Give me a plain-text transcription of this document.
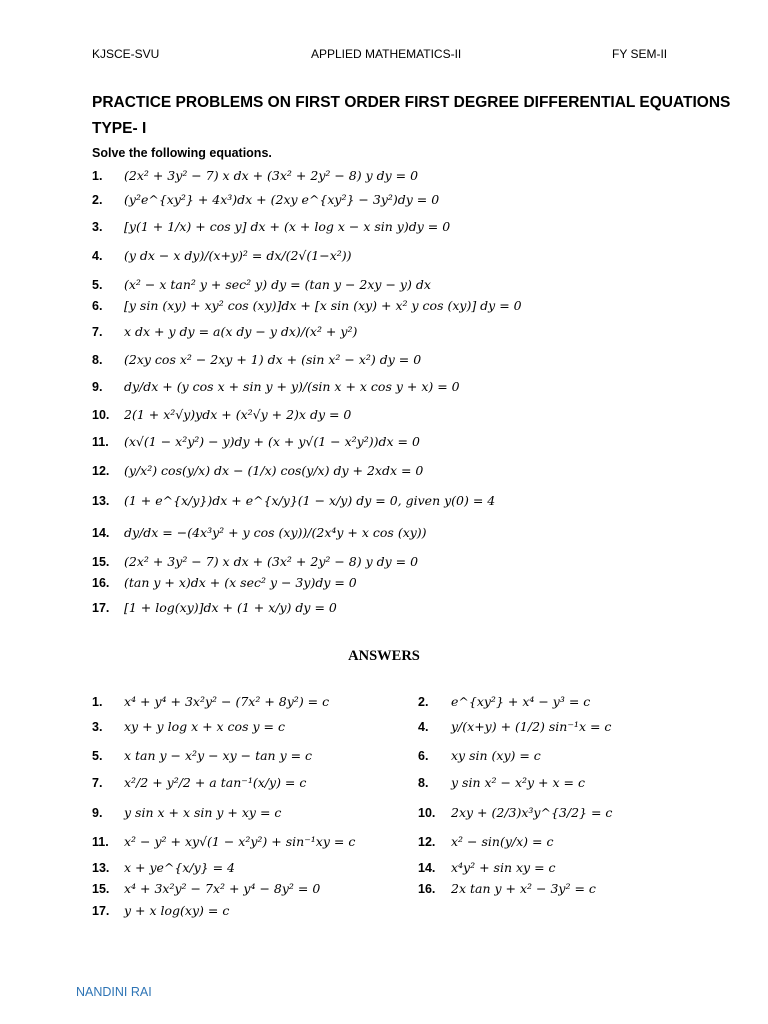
KJSCE-SVU	APPLIED MATHEMATICS-II	FY SEM-II
PRACTICE PROBLEMS ON FIRST ORDER FIRST DEGREE DIFFERENTIAL EQUATIONS
TYPE- I
Solve the following equations.
1.	(2x² + 3y² − 7) x dx + (3x² + 2y² − 8) y dy = 0
2.	(y²e^{xy²} + 4x³)dx + (2xy e^{xy²} − 3y²)dy = 0
3.	[y(1 + 1/x) + cos y] dx + (x + log x − x sin y)dy = 0
4.	(y dx − x dy)/(x+y)² = dx/(2√(1−x²))
5.	(x² − x tan² y + sec² y) dy = (tan y − 2xy − y) dx
6.	[y sin (xy) + xy² cos (xy)]dx + [x sin (xy) + x² y cos (xy)] dy = 0
7.	x dx + y dy = a(x dy − y dx)/(x² + y²)
8.	(2xy cos x² − 2xy + 1) dx + (sin x² − x²) dy = 0
9.	dy/dx + (y cos x + sin y + y)/(sin x + x cos y + x) = 0
10.	2(1 + x²√y)ydx + (x²√y + 2)x dy = 0
11.	(x√(1 − x²y²) − y)dy + (x + y√(1 − x²y²))dx = 0
12.	(y/x²) cos(y/x) dx − (1/x) cos(y/x) dy + 2xdx = 0
13.	(1 + e^{x/y})dx + e^{x/y}(1 − x/y) dy = 0, given y(0) = 4
14.	dy/dx = −(4x³y² + y cos (xy))/(2x⁴y + x cos (xy))
15.	(2x² + 3y² − 7) x dx + (3x² + 2y² − 8) y dy = 0
16.	(tan y + x)dx + (x sec² y − 3y)dy = 0
17.	[1 + log(xy)]dx + (1 + x/y) dy = 0
ANSWERS
1.	x⁴ + y⁴ + 3x²y² − (7x² + 8y²) = c
3.	xy + y log x + x cos y = c
5.	x tan y − x²y − xy − tan y = c
7.	x²/2 + y²/2 + a tan⁻¹(x/y) = c
9.	y sin x + x sin y + xy = c
11.	x² − y² + xy√(1 − x²y²) + sin⁻¹xy = c
13.	x + ye^{x/y} = 4
15.	x⁴ + 3x²y² − 7x² + y⁴ − 8y² = 0
17.	y + x log(xy) = c
2.	e^{xy²} + x⁴ − y³ = c
4.	y/(x+y) + (1/2) sin⁻¹x = c
6.	xy sin (xy) = c
8.	y sin x² − x²y + x = c
10.	2xy + (2/3)x³y^{3/2} = c
12.	x² − sin(y/x) = c
14.	x⁴y² + sin xy = c
16.	2x tan y + x² − 3y² = c
NANDINI RAI
